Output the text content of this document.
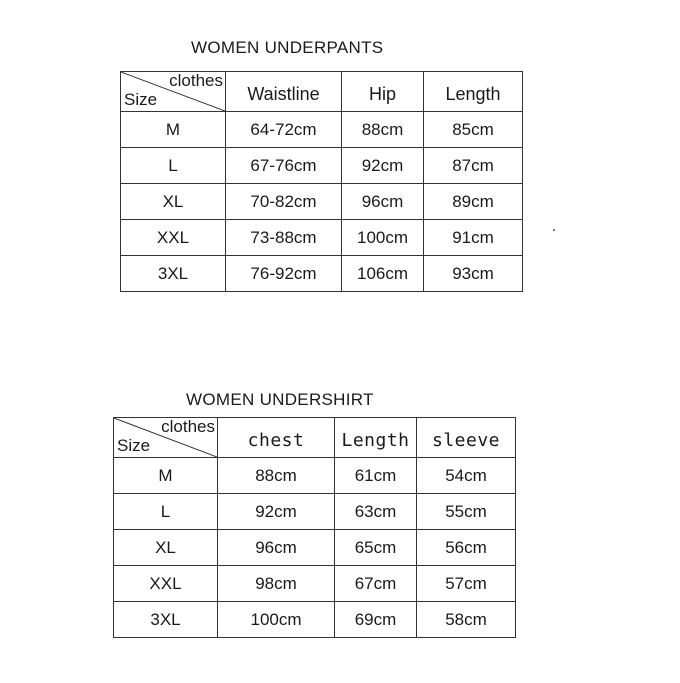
WOMEN UNDERPANTS
clothes
Size	Waistline	Hip	Length
M	64-72cm	88cm	85cm
L	67-76cm	92cm	87cm
XL	70-82cm	96cm	89cm
XXL	73-88cm	100cm	91cm
3XL	76-92cm	106cm	93cm
WOMEN UNDERSHIRT
clothes
Size	chest	Length	sleeve
M	88cm	61cm	54cm
L	92cm	63cm	55cm
XL	96cm	65cm	56cm
XXL	98cm	67cm	57cm
3XL	100cm	69cm	58cm
